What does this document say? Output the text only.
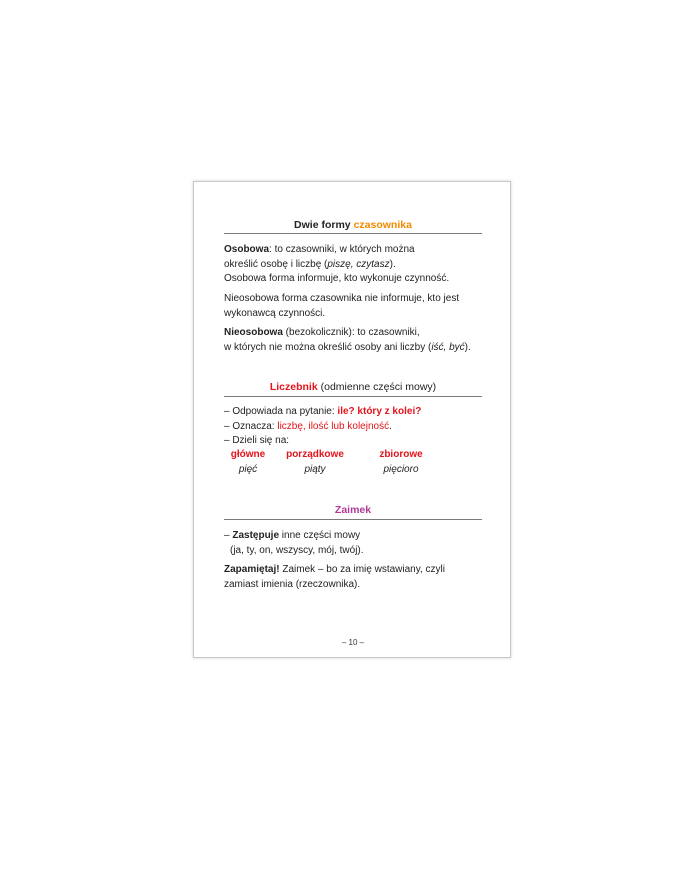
Dwie formy czasownika
Osobowa: to czasowniki, w których można
określić osobę i liczbę (piszę, czytasz).
Osobowa forma informuje, kto wykonuje czynność.
Nieosobowa forma czasownika nie informuje, kto jest
wykonawcą czynności.
Nieosobowa (bezokolicznik): to czasowniki,
w których nie można określić osoby ani liczby (iść, być).
Liczebnik (odmienne części mowy)
– Odpowiada na pytanie: ile? który z kolei?
– Oznacza: liczbę, ilość lub kolejność.
– Dzieli się na:
główne
pięć
porządkowe
piąty
zbiorowe
pięcioro
Zaimek
– Zastępuje inne części mowy
(ja, ty, on, wszyscy, mój, twój).
Zapamiętaj! Zaimek – bo za imię wstawiany, czyli
zamiast imienia (rzeczownika).
– 10 –
